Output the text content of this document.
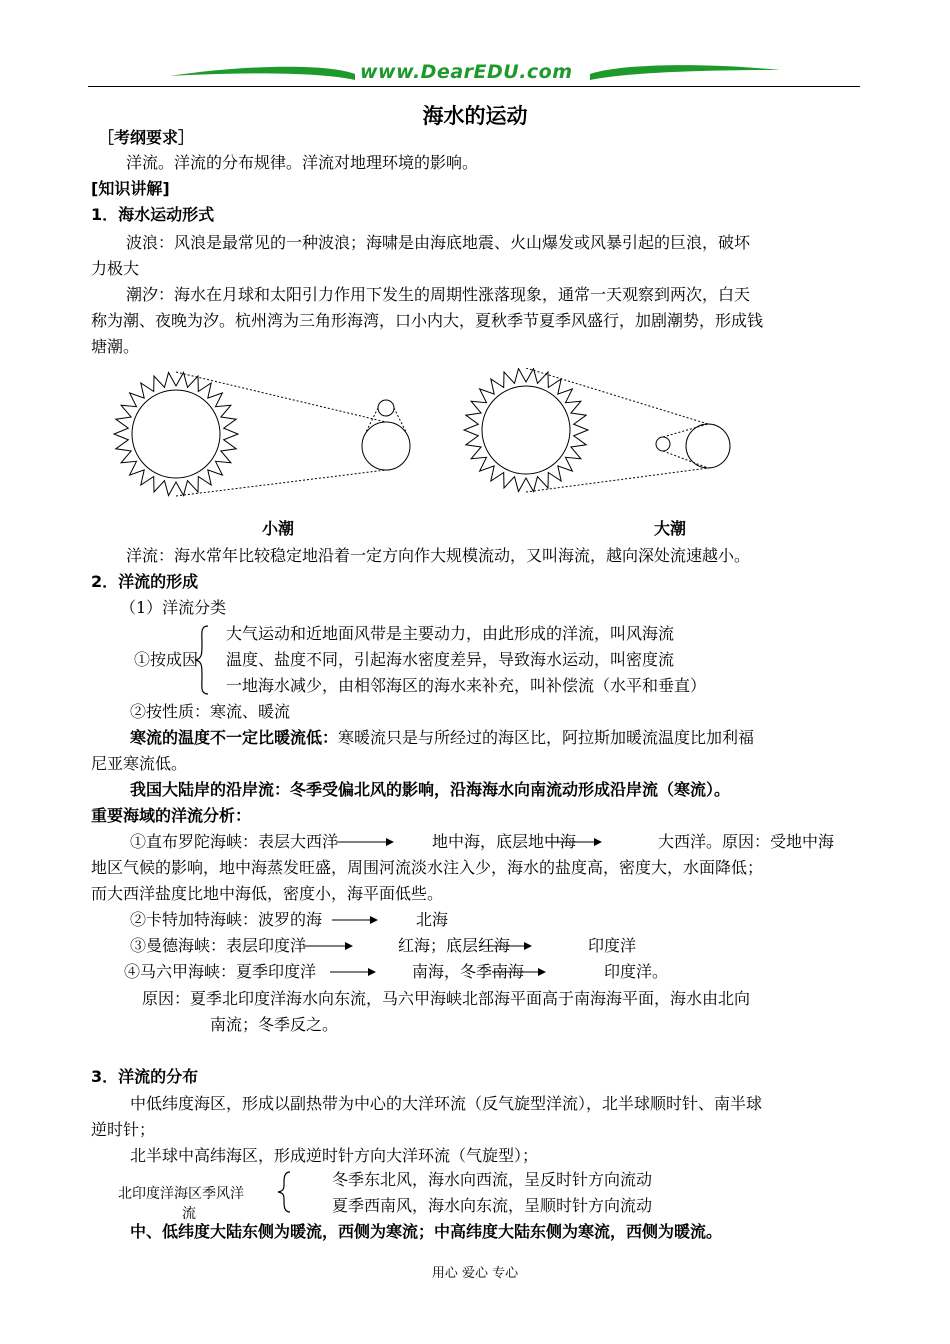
www.DearEDU.com
海水的运动
［考纲要求］
洋流。洋流的分布规律。洋流对地理环境的影响。
[知识讲解]
1．海水运动形式
波浪：风浪是最常见的一种波浪；海啸是由海底地震、火山爆发或风暴引起的巨浪，破坏
力极大
潮汐：海水在月球和太阳引力作用下发生的周期性涨落现象，通常一天观察到两次，白天
称为潮、夜晚为汐。杭州湾为三角形海湾，口小内大，夏秋季节夏季风盛行，加剧潮势，形成钱
塘潮。
小潮	大潮
洋流：海水常年比较稳定地沿着一定方向作大规模流动，又叫海流，越向深处流速越小。
2．洋流的形成
（1）洋流分类
①按成因
大气运动和近地面风带是主要动力，由此形成的洋流，叫风海流
温度、盐度不同，引起海水密度差异，导致海水运动，叫密度流
一地海水减少，由相邻海区的海水来补充，叫补偿流（水平和垂直）
②按性质：寒流、暖流
寒流的温度不一定比暖流低：寒暖流只是与所经过的海区比，阿拉斯加暖流温度比加利福
尼亚寒流低。
我国大陆岸的沿岸流：冬季受偏北风的影响，沿海海水向南流动形成沿岸流（寒流）。
重要海域的洋流分析：
①直布罗陀海峡：表层大西洋	地中海，底层地中海	大西洋。原因：受地中海
地区气候的影响，地中海蒸发旺盛，周围河流淡水注入少，海水的盐度高，密度大，水面降低；
而大西洋盐度比地中海低，密度小，海平面低些。
②卡特加特海峡：波罗的海	北海
③曼德海峡：表层印度洋	红海；底层红海	印度洋
④马六甲海峡：夏季印度洋	南海，冬季南海	印度洋。
原因：夏季北印度洋海水向东流，马六甲海峡北部海平面高于南海海平面，海水由北向
南流；冬季反之。
3．洋流的分布
中低纬度海区，形成以副热带为中心的大洋环流（反气旋型洋流），北半球顺时针、南半球
逆时针；
北半球中高纬海区，形成逆时针方向大洋环流（气旋型）；
北印度洋海区季风洋
流
冬季东北风，海水向西流，呈反时针方向流动
夏季西南风，海水向东流，呈顺时针方向流动
中、低纬度大陆东侧为暖流，西侧为寒流；中高纬度大陆东侧为寒流，西侧为暖流。
用心 爱心 专心
